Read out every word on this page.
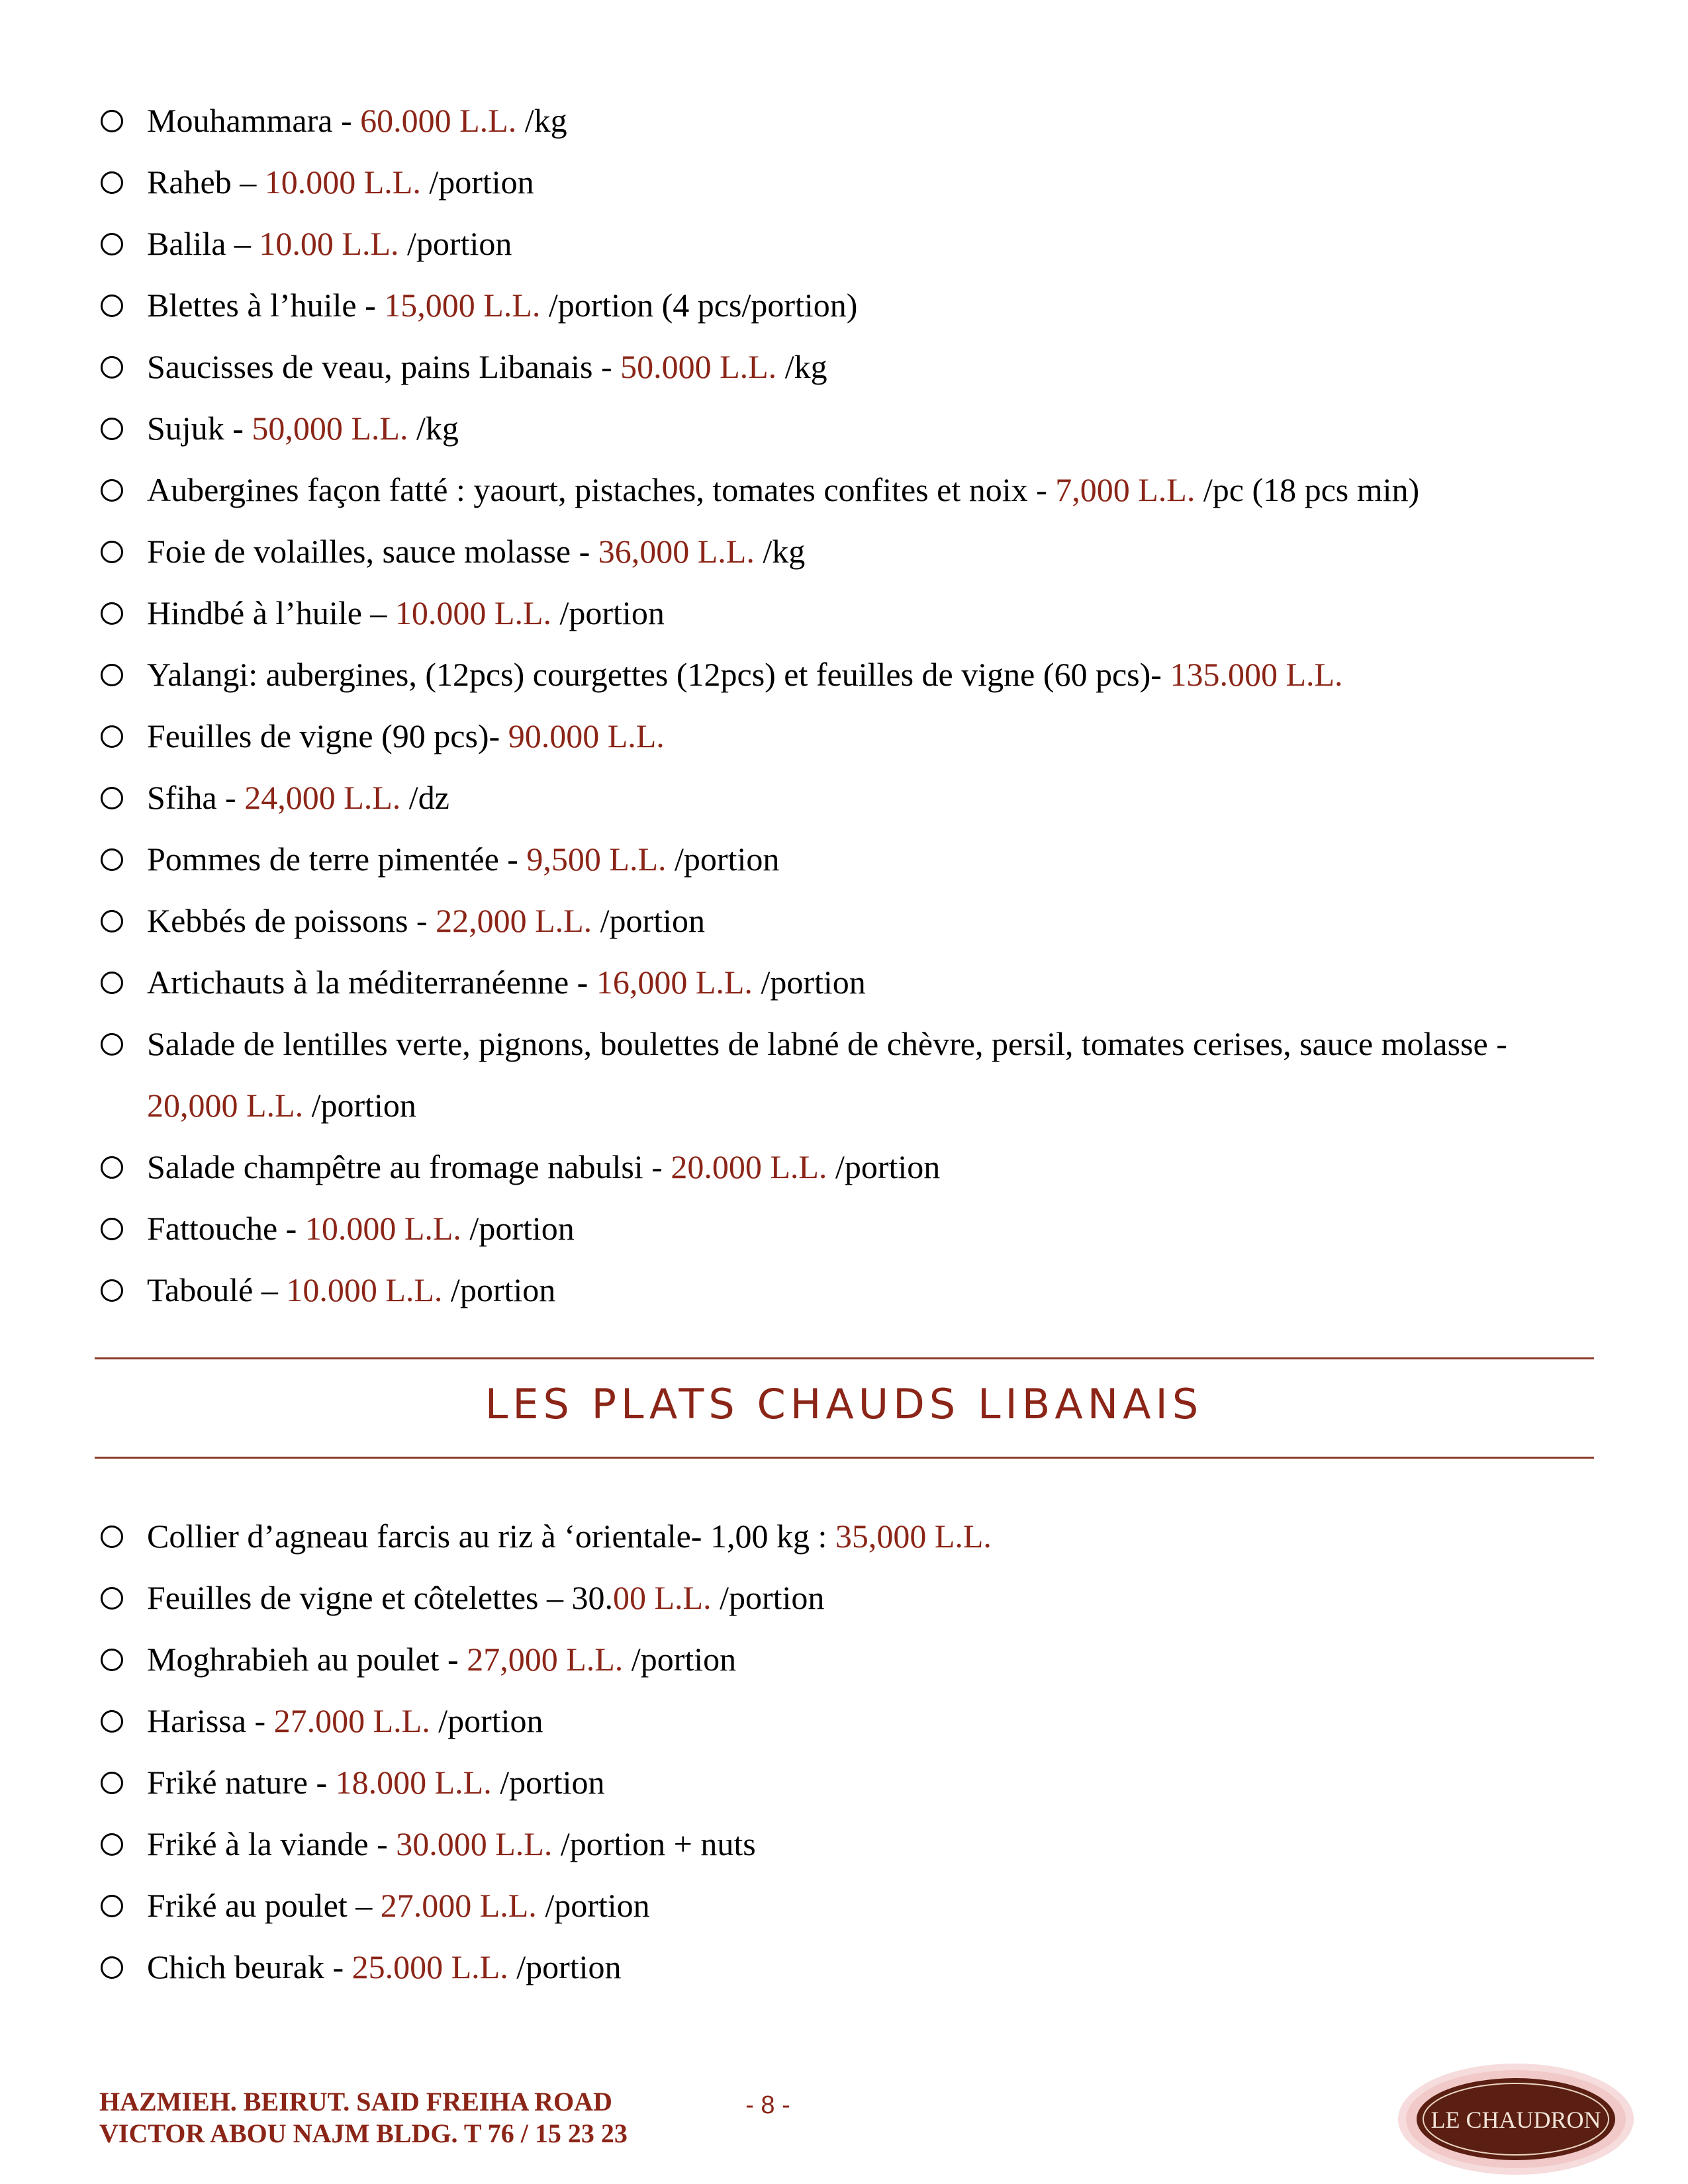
Mouhammara - 60.000 L.L. /kg
Raheb – 10.000 L.L. /portion
Balila – 10.00 L.L. /portion
Blettes à l’huile - 15,000 L.L. /portion (4 pcs/portion)
Saucisses de veau, pains Libanais - 50.000 L.L. /kg
Sujuk - 50,000 L.L. /kg
Aubergines façon fatté : yaourt, pistaches, tomates confites et noix - 7,000 L.L. /pc (18 pcs min)
Foie de volailles, sauce molasse - 36,000 L.L. /kg
Hindbé à l’huile – 10.000 L.L. /portion
Yalangi: aubergines, (12pcs) courgettes (12pcs) et feuilles de vigne (60 pcs)- 135.000 L.L.
Feuilles de vigne (90 pcs)- 90.000 L.L.
Sfiha - 24,000 L.L. /dz
Pommes de terre pimentée - 9,500 L.L. /portion
Kebbés de poissons - 22,000 L.L. /portion
Artichauts à la méditerranéenne - 16,000 L.L. /portion
Salade de lentilles verte, pignons, boulettes de labné de chèvre, persil, tomates cerises, sauce molasse - 20,000 L.L. /portion
Salade champêtre au fromage nabulsi - 20.000 L.L. /portion
Fattouche - 10.000 L.L. /portion
Taboulé – 10.000 L.L. /portion
LES PLATS CHAUDS LIBANAIS
Collier d’agneau farcis au riz à ‘orientale- 1,00 kg : 35,000 L.L.
Feuilles de vigne et côtelettes – 30.00 L.L. /portion
Moghrabieh au poulet - 27,000 L.L. /portion
Harissa - 27.000 L.L. /portion
Friké nature - 18.000 L.L. /portion
Friké à la viande - 30.000 L.L. /portion + nuts
Friké au poulet – 27.000 L.L. /portion
Chich beurak - 25.000 L.L. /portion
HAZMIEH. BEIRUT. SAID FREIHA ROAD
VICTOR ABOU NAJM BLDG. T 76 / 15 23 23
- 8 -
LE CHAUDRON
